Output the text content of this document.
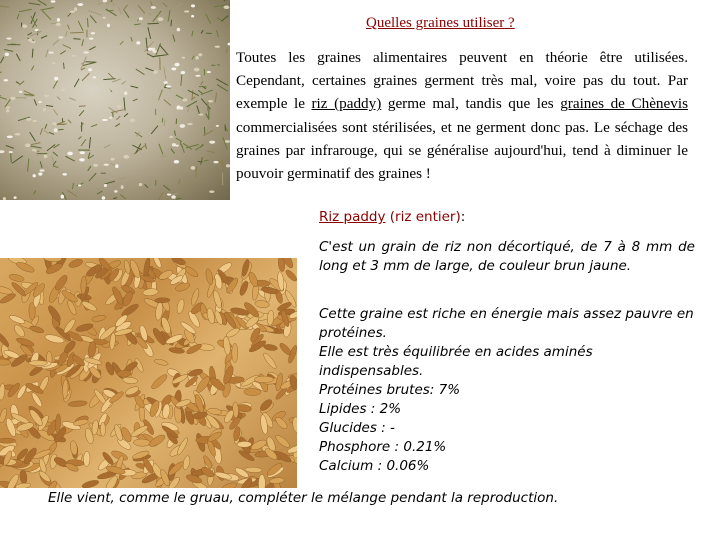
Quelles graines utiliser ?

Toutes les graines alimentaires peuvent en théorie être utilisées. Cependant, certaines graines germent très mal, voire pas du tout. Par exemple le riz (paddy) germe mal, tandis que les graines de Chènevis commercialisées sont stérilisées, et ne germent donc pas. Le séchage des graines par infrarouge, qui se généralise aujourd'hui, tend à diminuer le pouvoir germinatif des graines !

Riz paddy (riz entier):

C'est un grain de riz non décortiqué, de 7 à 8 mm de long et 3 mm de large, de couleur brun jaune.

Cette graine est riche en énergie mais assez pauvre en protéines.
Elle est très équilibrée en acides aminés indispensables.
Protéines brutes: 7%
Lipides : 2%
Glucides : -
Phosphore : 0.21%
Calcium : 0.06%

Elle vient, comme le gruau, compléter le mélange pendant la reproduction.
